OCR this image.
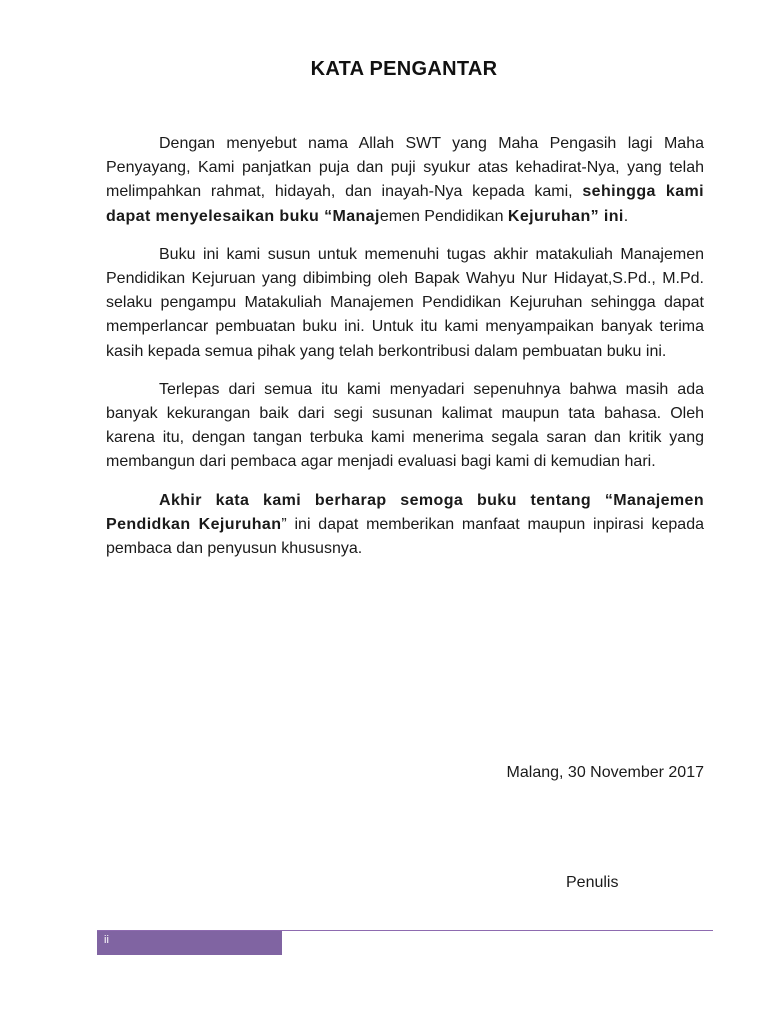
KATA PENGANTAR

Dengan menyebut nama Allah SWT yang Maha Pengasih lagi Maha Penyayang, Kami panjatkan puja dan puji syukur atas kehadirat-Nya, yang telah melimpahkan rahmat, hidayah, dan inayah-Nya kepada kami, sehingga kami dapat menyelesaikan buku “Manajemen Pendidikan Kejuruhan” ini.

Buku ini kami susun untuk memenuhi tugas akhir matakuliah Manajemen Pendidikan Kejuruan yang dibimbing oleh Bapak Wahyu Nur Hidayat,S.Pd., M.Pd. selaku pengampu Matakuliah Manajemen Pendidikan Kejuruhan sehingga dapat memperlancar pembuatan buku ini. Untuk itu kami menyampaikan banyak terima kasih kepada semua pihak yang telah berkontribusi dalam pembuatan buku ini.

Terlepas dari semua itu kami menyadari sepenuhnya bahwa masih ada banyak kekurangan baik dari segi susunan kalimat maupun tata bahasa. Oleh karena itu, dengan tangan terbuka kami menerima segala saran dan kritik yang membangun dari pembaca agar menjadi evaluasi bagi kami di kemudian hari.

Akhir kata kami berharap semoga buku tentang “Manajemen Pendidkan Kejuruhan” ini dapat memberikan manfaat maupun inpirasi kepada pembaca dan penyusun khususnya.

Malang, 30 November 2017
Penulis
ii
